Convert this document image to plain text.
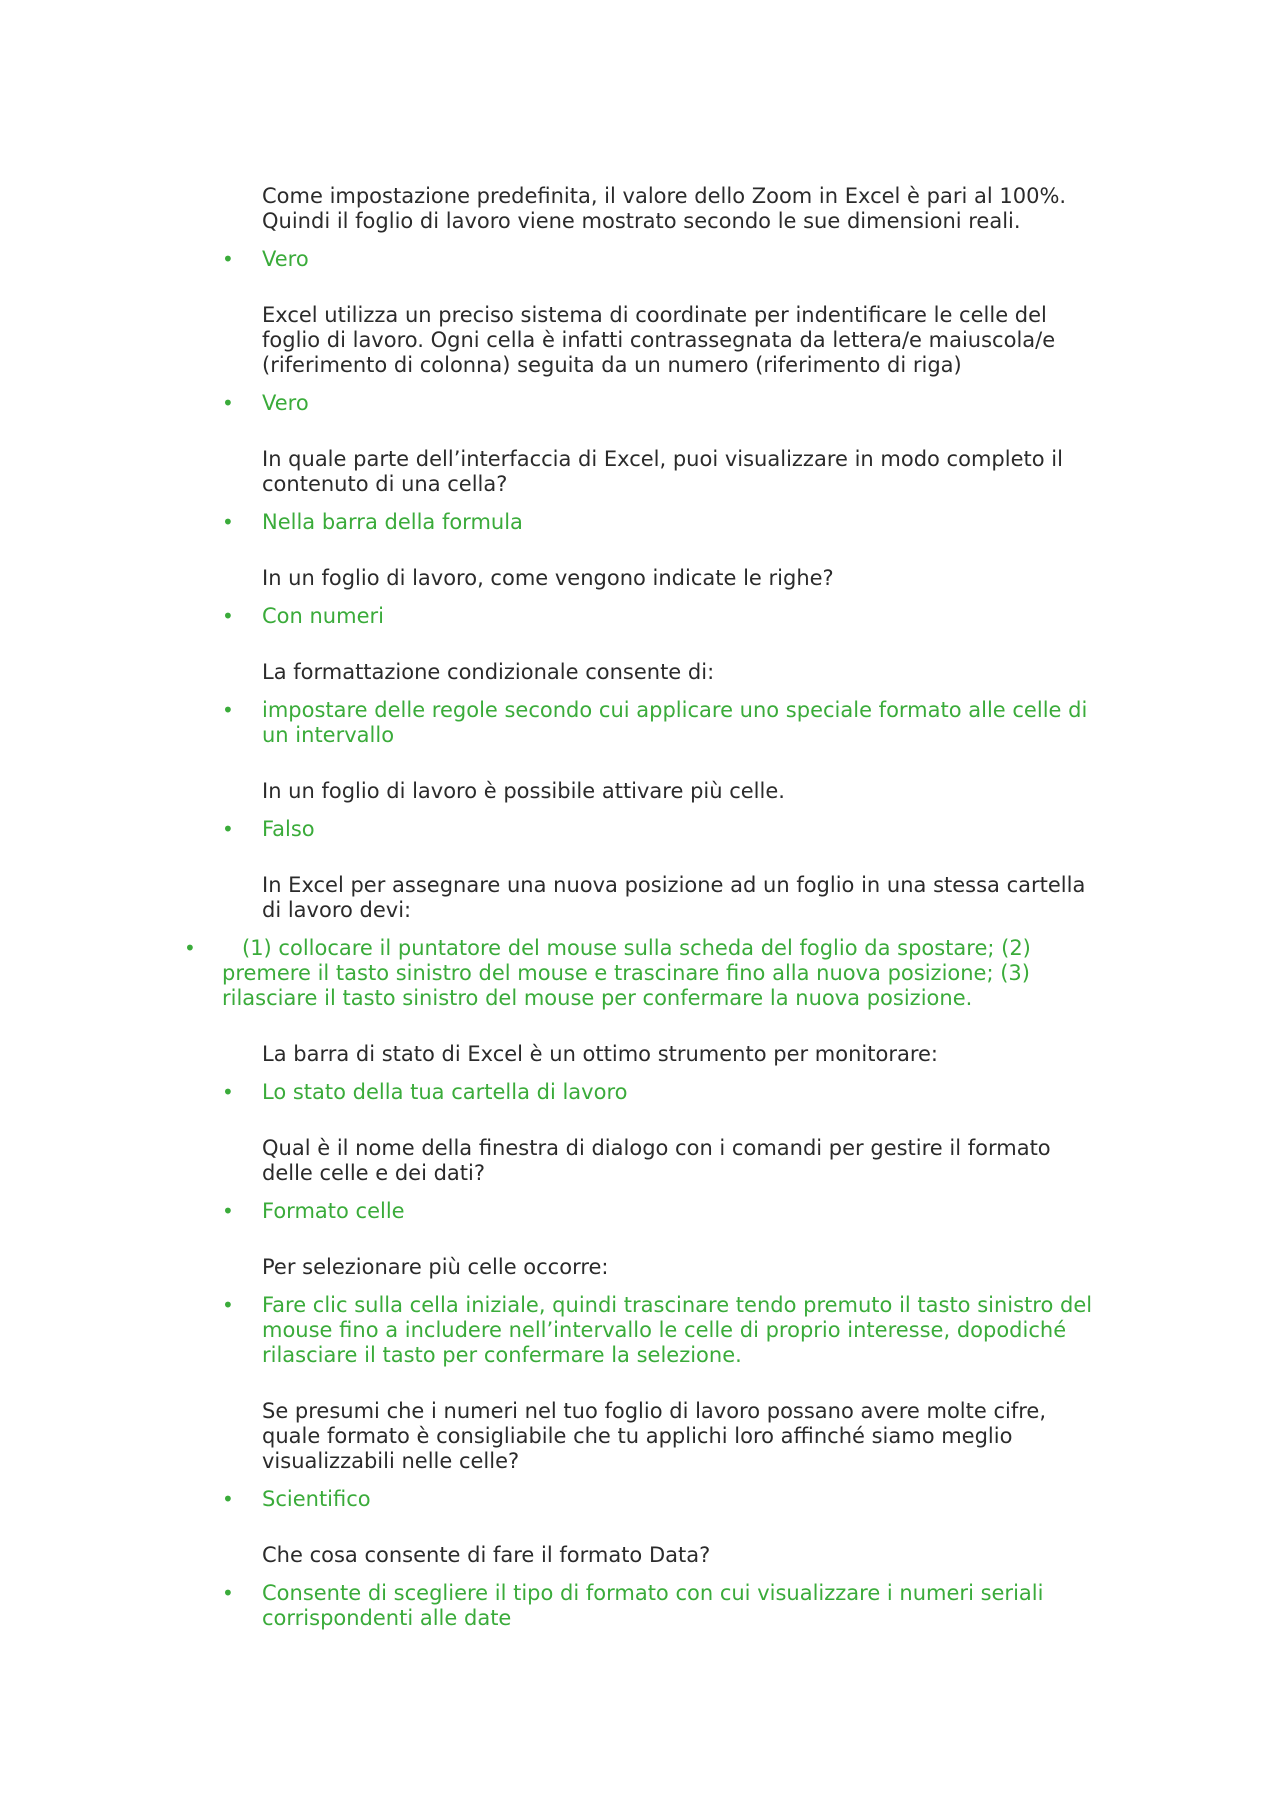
Come impostazione predefinita, il valore dello Zoom in Excel è pari al 100%. Quindi il foglio di lavoro viene mostrato secondo le sue dimensioni reali.
•	Vero
Excel utilizza un preciso sistema di coordinate per indentificare le celle del foglio di lavoro. Ogni cella è infatti contrassegnata da lettera/e maiuscola/e (riferimento di colonna) seguita da un numero (riferimento di riga)
•	Vero
In quale parte dell’interfaccia di Excel, puoi visualizzare in modo completo il contenuto di una cella?
•	Nella barra della formula
In un foglio di lavoro, come vengono indicate le righe?
•	Con numeri
La formattazione condizionale consente di:
•	impostare delle regole secondo cui applicare uno speciale formato alle celle di un intervallo
In un foglio di lavoro è possibile attivare più celle.
•	Falso
In Excel per assegnare una nuova posizione ad un foglio in una stessa cartella di lavoro devi:
•	(1) collocare il puntatore del mouse sulla scheda del foglio da spostare; (2) premere il tasto sinistro del mouse e trascinare fino alla nuova posizione; (3) rilasciare il tasto sinistro del mouse per confermare la nuova posizione.
La barra di stato di Excel è un ottimo strumento per monitorare:
•	Lo stato della tua cartella di lavoro
Qual è il nome della finestra di dialogo con i comandi per gestire il formato delle celle e dei dati?
•	Formato celle
Per selezionare più celle occorre:
•	Fare clic sulla cella iniziale, quindi trascinare tendo premuto il tasto sinistro del mouse fino a includere nell’intervallo le celle di proprio interesse, dopodiché rilasciare il tasto per confermare la selezione.
Se presumi che i numeri nel tuo foglio di lavoro possano avere molte cifre, quale formato è consigliabile che tu applichi loro affinché siamo meglio visualizzabili nelle celle?
•	Scientifico
Che cosa consente di fare il formato Data?
•	Consente di scegliere il tipo di formato con cui visualizzare i numeri seriali corrispondenti alle date
